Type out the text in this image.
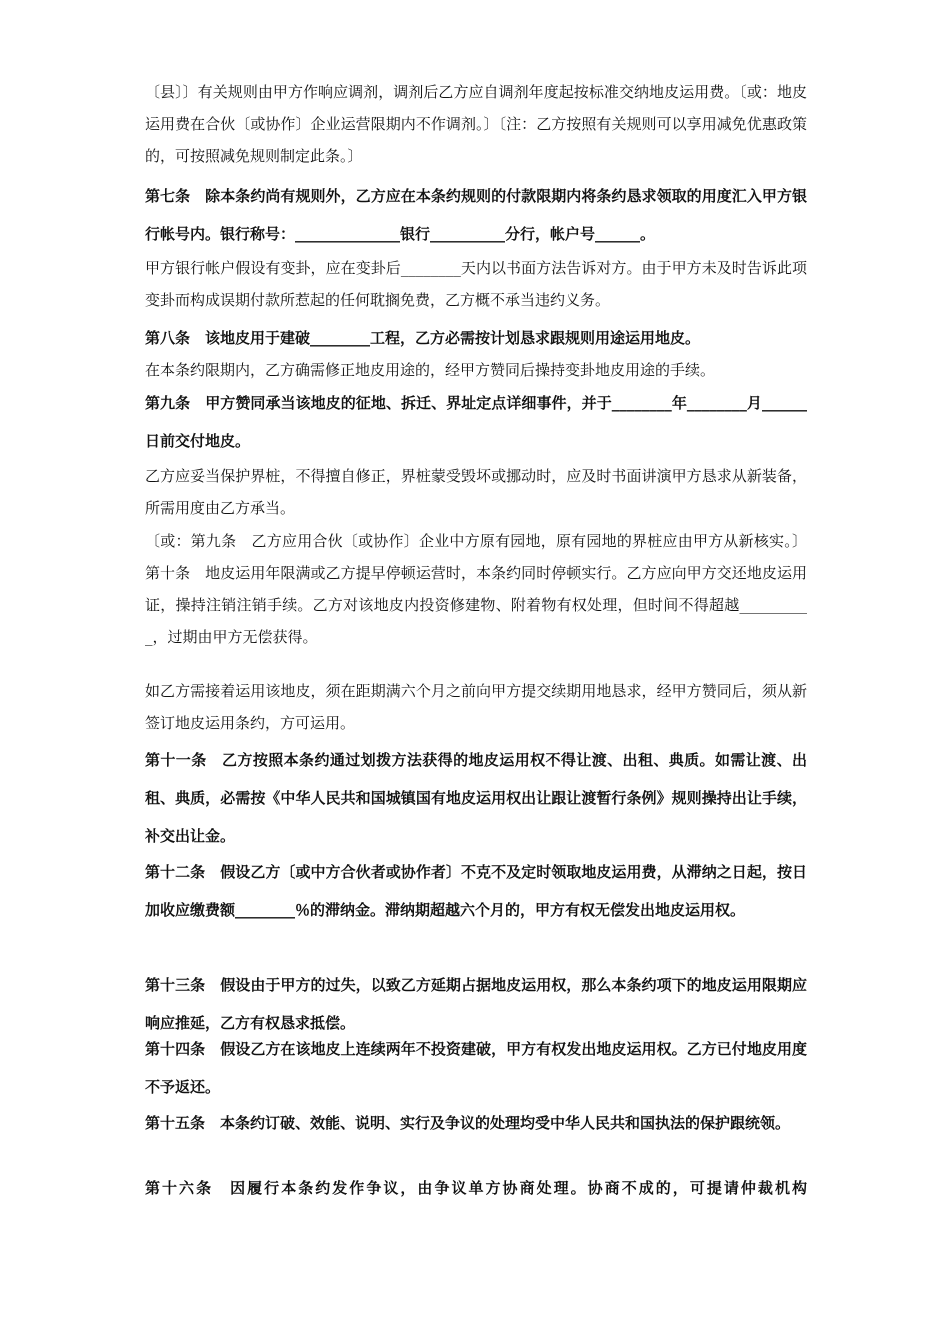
〔县〕〕有关规则由甲方作响应调剂，调剂后乙方应自调剂年度起按标准交纳地皮运用费。〔或：地皮运用费在合伙〔或协作〕企业运营限期内不作调剂。〕〔注：乙方按照有关规则可以享用减免优惠政策的，可按照减免规则制定此条。〕

第七条　除本条约尚有规则外，乙方应在本条约规则的付款限期内将条约恳求领取的用度汇入甲方银行帐号内。银行称号：______________银行__________分行，帐户号______。

甲方银行帐户假设有变卦，应在变卦后________天内以书面方法告诉对方。由于甲方未及时告诉此项变卦而构成误期付款所惹起的任何耽搁免费，乙方概不承当违约义务。

第八条　该地皮用于建破________工程，乙方必需按计划恳求跟规则用途运用地皮。

在本条约限期内，乙方确需修正地皮用途的，经甲方赞同后操持变卦地皮用途的手续。

第九条　甲方赞同承当该地皮的征地、拆迁、界址定点详细事件，并于________年________月______日前交付地皮。

乙方应妥当保护界桩，不得擅自修正，界桩蒙受毁坏或挪动时，应及时书面讲演甲方恳求从新装备，所需用度由乙方承当。

〔或：第九条　乙方应用合伙〔或协作〕企业中方原有园地，原有园地的界桩应由甲方从新核实。〕第十条　地皮运用年限满或乙方提早停顿运营时，本条约同时停顿实行。乙方应向甲方交还地皮运用证，操持注销注销手续。乙方对该地皮内投资修建物、附着物有权处理，但时间不得超越__________，过期由甲方无偿获得。

如乙方需接着运用该地皮，须在距期满六个月之前向甲方提交续期用地恳求，经甲方赞同后，须从新签订地皮运用条约，方可运用。

第十一条　乙方按照本条约通过划拨方法获得的地皮运用权不得让渡、出租、典质。如需让渡、出租、典质，必需按《中华人民共和国城镇国有地皮运用权出让跟让渡暂行条例》规则操持出让手续，补交出让金。

第十二条　假设乙方〔或中方合伙者或协作者〕不克不及定时领取地皮运用费，从滞纳之日起，按日加收应缴费额________％的滞纳金。滞纳期超越六个月的，甲方有权无偿发出地皮运用权。

第十三条　假设由于甲方的过失，以致乙方延期占据地皮运用权，那么本条约项下的地皮运用限期应响应推延，乙方有权恳求抵偿。

第十四条　假设乙方在该地皮上连续两年不投资建破，甲方有权发出地皮运用权。乙方已付地皮用度不予返还。

第十五条　本条约订破、效能、说明、实行及争议的处理均受中华人民共和国执法的保护跟统领。

第十六条　因履行本条约发作争议，由争议单方协商处理。协商不成的，可提请仲裁机构
